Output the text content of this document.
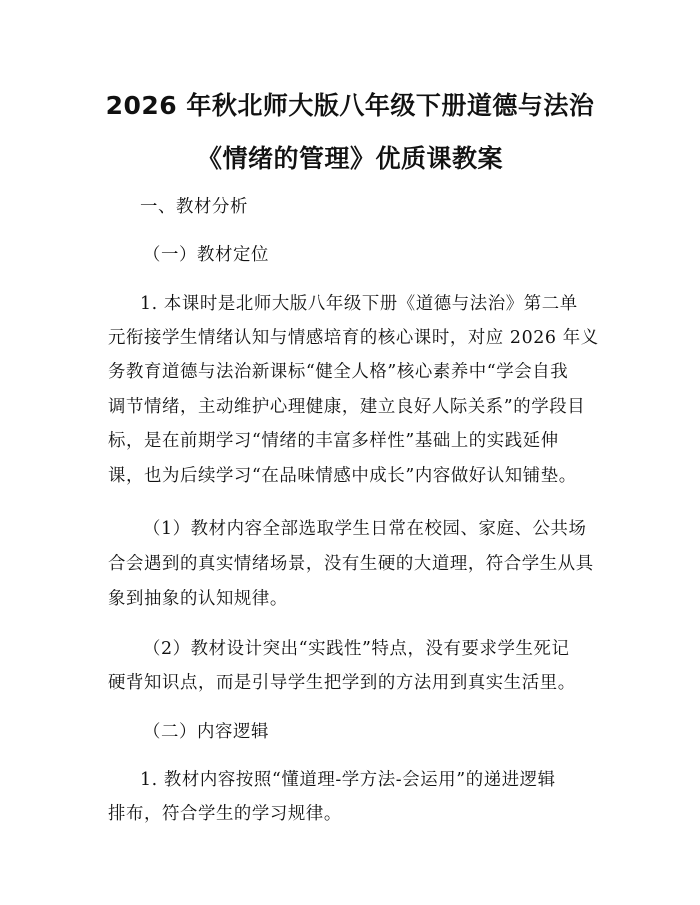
2026 年秋北师大版八年级下册道德与法治
《情绪的管理》优质课教案
一、教材分析
（一）教材定位
1. 本课时是北师大版八年级下册《道德与法治》第二单
元衔接学生情绪认知与情感培育的核心课时，对应 2026 年义
务教育道德与法治新课标“健全人格”核心素养中“学会自我
调节情绪，主动维护心理健康，建立良好人际关系”的学段目
标，是在前期学习“情绪的丰富多样性”基础上的实践延伸
课，也为后续学习“在品味情感中成长”内容做好认知铺垫。
（1）教材内容全部选取学生日常在校园、家庭、公共场
合会遇到的真实情绪场景，没有生硬的大道理，符合学生从具
象到抽象的认知规律。
（2）教材设计突出“实践性”特点，没有要求学生死记
硬背知识点，而是引导学生把学到的方法用到真实生活里。
（二）内容逻辑
1. 教材内容按照“懂道理-学方法-会运用”的递进逻辑
排布，符合学生的学习规律。
